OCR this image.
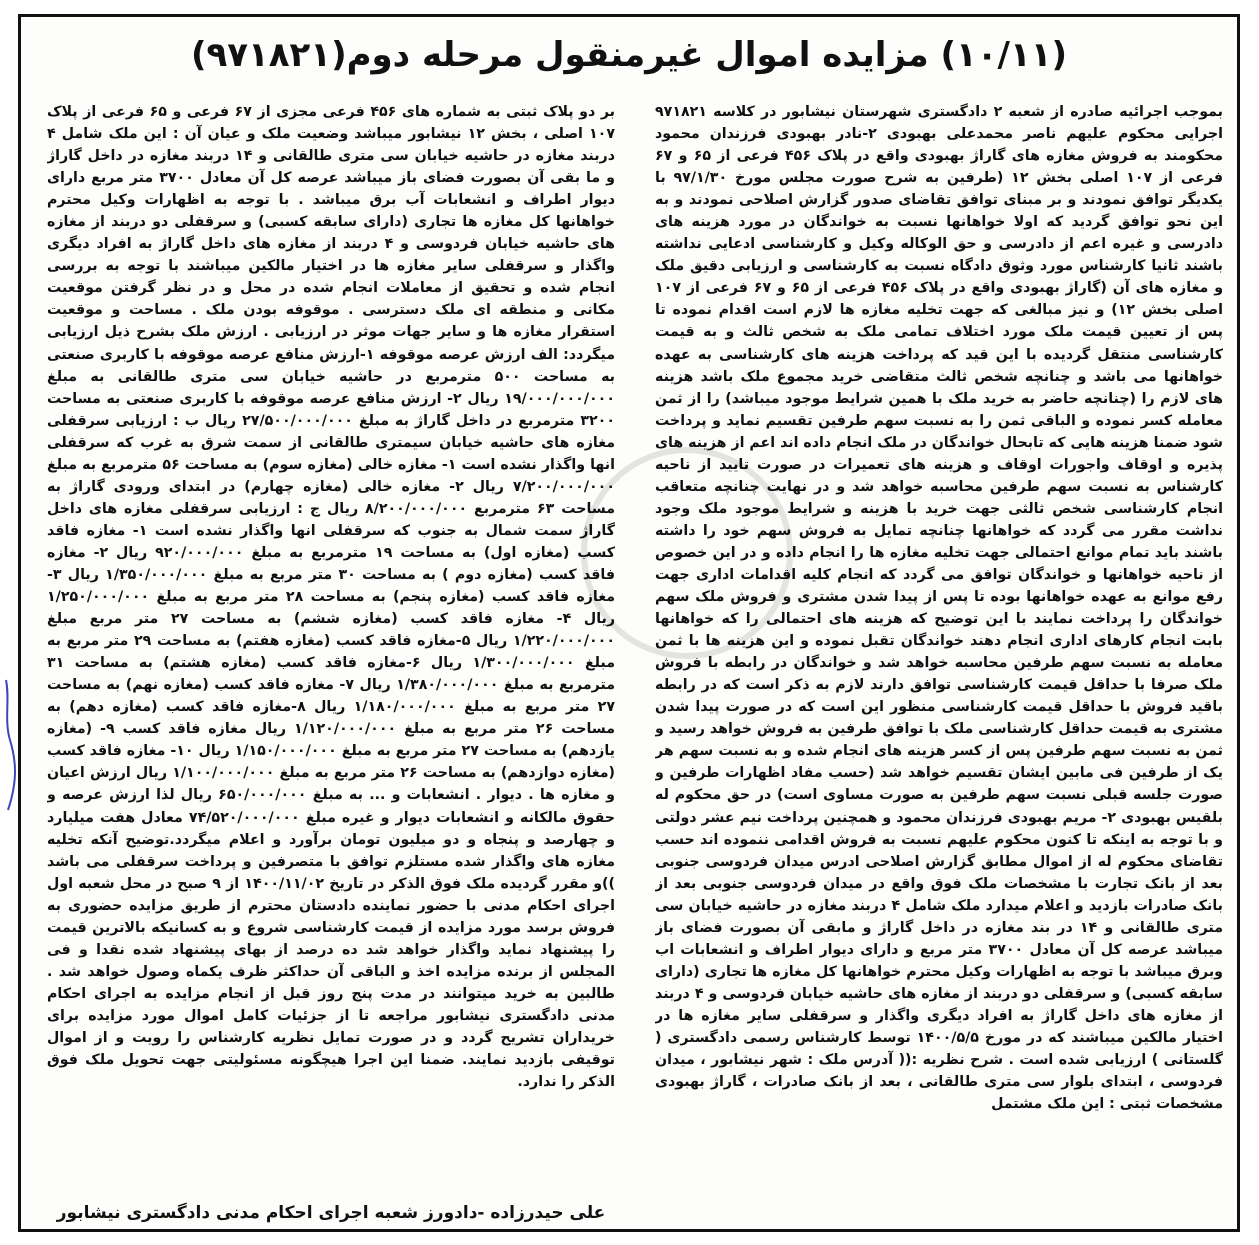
(۱۰/۱۱) مزایده اموال غیرمنقول مرحله دوم(۹۷۱۸۲۱)

بموجب اجرائیه صادره از شعبه ۲ دادگستری شهرستان نیشابور در کلاسه ۹۷۱۸۲۱ اجرایی محکوم علیهم ناصر محمدعلی بهبودی ۲-نادر بهبودی فرزندان محمود محکومند به فروش مغازه های گاراژ بهبودی واقع در پلاک ۴۵۶ فرعی از ۶۵ و ۶۷ فرعی از ۱۰۷ اصلی بخش ۱۲ (طرفین به شرح صورت مجلس مورخ ۹۷/۱/۳۰ با یکدیگر توافق نمودند و بر مبنای توافق تقاضای صدور گزارش اصلاحی نمودند و به این نحو توافق گردید که اولا خواهانها نسبت به خواندگان در مورد هزینه های دادرسی و غیره اعم از دادرسی و حق الوکاله وکیل و کارشناسی ادعایی نداشته باشند ثانیا کارشناس مورد وثوق دادگاه نسبت به کارشناسی و ارزیابی دقیق ملک و مغازه های آن (گاراژ بهبودی واقع در پلاک ۴۵۶ فرعی از ۶۵ و ۶۷ فرعی از ۱۰۷ اصلی بخش ۱۲) و نیز مبالغی که جهت تخلیه مغازه ها لازم است اقدام نموده تا پس از تعیین قیمت ملک مورد اختلاف تمامی ملک به شخص ثالث و به قیمت کارشناسی منتقل گردیده با این قید که پرداخت هزینه های کارشناسی به عهده خواهانها می باشد و چنانچه شخص ثالث متقاضی خرید مجموع ملک باشد هزینه های لازم را (چنانچه حاضر به خرید ملک با همین شرایط موجود میباشد) را از ثمن معامله کسر نموده و الباقی ثمن را به نسبت سهم طرفین تقسیم نماید و پرداخت شود ضمنا هزینه هایی که تابحال خواندگان در ملک انجام داده اند اعم از هزینه های پذیره و اوقاف واجورات اوقاف و هزینه های تعمیرات در صورت تایید از ناحیه کارشناس به نسبت سهم طرفین محاسبه خواهد شد و در نهایت چنانچه متعاقب انجام کارشناسی شخص ثالثی جهت خرید با هزینه و شرایط موجود ملک وجود نداشت مقرر می گردد که خواهانها چنانچه تمایل به فروش سهم خود را داشته باشند باید تمام موانع احتمالی جهت تخلیه مغازه ها را انجام داده و در این خصوص از ناحیه خواهانها و خواندگان توافق می گردد که انجام کلیه اقدامات اداری جهت رفع موانع به عهده خواهانها بوده تا پس از پیدا شدن مشتری و فروش ملک سهم خواندگان را پرداخت نمایند با این توضیح که هزینه های احتمالی را که خواهانها بابت انجام کارهای اداری انجام دهند خواندگان تقبل نموده و این هزینه ها با ثمن معامله به نسبت سهم طرفین محاسبه خواهد شد و خواندگان در رابطه با فروش ملک صرفا با حداقل قیمت کارشناسی توافق دارند لازم به ذکر است که در رابطه باقید فروش با حداقل قیمت کارشناسی منظور این است که در صورت پیدا شدن مشتری به قیمت حداقل کارشناسی ملک با توافق طرفین به فروش خواهد رسید و ثمن به نسبت سهم طرفین پس از کسر هزینه های انجام شده و به نسبت سهم هر یک از طرفین فی مابین ایشان تقسیم خواهد شد (حسب مفاد اظهارات طرفین و صورت جلسه قبلی نسبت سهم طرفین به صورت مساوی است) در حق محکوم له بلقیس بهبودی ۲- مریم بهبودی فرزندان محمود و همچنین پرداخت نیم عشر دولتی و با توجه به اینکه تا کنون محکوم علیهم نسبت به فروش اقدامی ننموده اند حسب تقاضای محکوم له از اموال مطابق گزارش اصلاحی ادرس میدان فردوسی جنوبی بعد از بانک تجارت با مشخصات ملک فوق واقع در میدان فردوسی جنوبی بعد از بانک صادرات بازدید و اعلام میدارد ملک شامل ۴ دربند مغازه در حاشیه خیابان سی متری طالقانی و ۱۴ در بند مغازه در داخل گاراژ و مابقی آن بصورت فضای باز میباشد عرصه کل آن معادل ۳۷۰۰ متر مربع و دارای دیوار اطراف و انشعابات اب وبرق میباشد با توجه به اظهارات وکیل محترم خواهانها کل مغازه ها تجاری (دارای سابقه کسبی) و سرقفلی دو دربند از مغازه های حاشیه خیابان فردوسی و ۴ دربند از مغازه های داخل گاراژ به افراد دیگری واگذار و سرقفلی سایر مغازه ها در اختیار مالکین میباشند که در مورخ ۱۴۰۰/۵/۵ توسط کارشناس رسمی دادگستری ( گلستانی ) ارزیابی شده است . شرح نظریه :(( آدرس ملک : شهر نیشابور ، میدان فردوسی ، ابتدای بلوار سی متری طالقانی ، بعد از بانک صادرات ، گاراژ بهبودی مشخصات ثبتی : این ملک مشتمل

بر دو پلاک ثبتی به شماره های ۴۵۶ فرعی مجزی از ۶۷ فرعی و ۶۵ فرعی از پلاک ۱۰۷ اصلی ، بخش ۱۲ نیشابور میباشد وضعیت ملک و عیان آن : این ملک شامل ۴ دربند مغازه در حاشیه خیابان سی متری طالقانی و ۱۴ دربند مغازه در داخل گاراژ و ما بقی آن بصورت فضای باز میباشد عرصه کل آن معادل ۳۷۰۰ متر مربع دارای دیوار اطراف و انشعابات آب برق میباشد . با توجه به اظهارات وکیل محترم خواهانها کل مغازه ها تجاری (دارای سابقه کسبی) و سرقفلی دو دربند از مغازه های حاشیه خیابان فردوسی و ۴ دربند از مغازه های داخل گاراژ به افراد دیگری واگذار و سرقفلی سایر مغازه ها در اختیار مالکین میباشند با توجه به بررسی انجام شده و تحقیق از معاملات انجام شده در محل و در نظر گرفتن موقعیت مکانی و منطقه ای ملک دسترسی . موقوفه بودن ملک . مساحت و موقعیت استقرار مغازه ها و سایر جهات موثر در ارزیابی . ارزش ملک بشرح ذیل ارزیابی میگردد: الف ارزش عرصه موقوفه ۱-ارزش منافع عرصه موقوفه با کاربری صنعتی به مساحت ۵۰۰ مترمربع در حاشیه خیابان سی متری طالقانی به مبلغ ۱۹/۰۰۰/۰۰۰/۰۰۰ ریال ۲- ارزش منافع عرصه موقوفه با کاربری صنعتی به مساحت ۳۲۰۰ مترمربع در داخل گاراژ به مبلغ ۲۷/۵۰۰/۰۰۰/۰۰۰ ریال ب : ارزیابی سرقفلی مغازه های حاشیه خیابان سیمتری طالقانی از سمت شرق به غرب که سرقفلی انها واگذار نشده است ۱- مغازه خالی (مغازه سوم) به مساحت ۵۶ مترمربع به مبلغ ۷/۲۰۰/۰۰۰/۰۰۰ ریال ۲- مغازه خالی (مغازه چهارم) در ابتدای ورودی گاراژ به مساحت ۶۳ مترمربع ۸/۲۰۰/۰۰۰/۰۰۰ ریال ج : ارزیابی سرقفلی مغازه های داخل گاراژ سمت شمال به جنوب که سرقفلی انها واگذار نشده است ۱- مغازه فاقد کسب (مغازه اول) به مساحت ۱۹ مترمربع به مبلغ ۹۲۰/۰۰۰/۰۰۰ ریال ۲- مغازه فاقد کسب (مغازه دوم ) به مساحت ۳۰ متر مربع به مبلغ ۱/۳۵۰/۰۰۰/۰۰۰ ریال ۳- مغازه فاقد کسب (مغازه پنجم) به مساحت ۲۸ متر مربع به مبلغ ۱/۲۵۰/۰۰۰/۰۰۰ ریال ۴- مغازه فاقد کسب (مغازه ششم) به مساحت ۲۷ متر مربع مبلغ ۱/۲۲۰/۰۰۰/۰۰۰ ریال ۵-مغازه فاقد کسب (مغازه هفتم) به مساحت ۲۹ متر مربع به مبلغ ۱/۳۰۰/۰۰۰/۰۰۰ ریال ۶-مغازه فاقد کسب (مغازه هشتم) به مساحت ۳۱ مترمربع به مبلغ ۱/۳۸۰/۰۰۰/۰۰۰ ریال ۷- مغازه فاقد کسب (مغازه نهم) به مساحت ۲۷ متر مربع به مبلغ ۱/۱۸۰/۰۰۰/۰۰۰ ریال ۸-مغازه فاقد کسب (مغازه دهم) به مساحت ۲۶ متر مربع به مبلغ ۱/۱۲۰/۰۰۰/۰۰۰ ریال مغازه فاقد کسب ۹- (مغازه یازدهم) به مساحت ۲۷ متر مربع به مبلغ ۱/۱۵۰/۰۰۰/۰۰۰ ریال ۱۰- مغازه فاقد کسب (مغازه دوازدهم) به مساحت ۲۶ متر مربع به مبلغ ۱/۱۰۰/۰۰۰/۰۰۰ ریال ارزش اعیان و مغازه ها . دیوار . انشعابات و ... به مبلغ ۶۵۰/۰۰۰/۰۰۰ ریال لذا ارزش عرصه و حقوق مالکانه و انشعابات دیوار و غیره مبلغ ۷۴/۵۲۰/۰۰۰/۰۰۰ معادل هفت میلیارد و چهارصد و پنجاه و دو میلیون تومان برآورد و اعلام میگردد.توضیح آنکه تخلیه مغازه های واگذار شده مستلزم توافق با متصرفین و پرداخت سرقفلی می باشد ))و مقرر گردیده ملک فوق الذکر در تاریخ ۱۴۰۰/۱۱/۰۲ از ۹ صبح در محل شعبه اول اجرای احکام مدنی با حضور نماینده دادستان محترم از طریق مزایده حضوری به فروش برسد مورد مزایده از قیمت کارشناسی شروع و به کسانیکه بالاترین قیمت را پیشنهاد نماید واگذار خواهد شد ده درصد از بهای پیشنهاد شده نقدا و فی المجلس از برنده مزایده اخذ و الباقی آن حداکثر ظرف یکماه وصول خواهد شد . طالبین به خرید میتوانند در مدت پنج روز قبل از انجام مزایده به اجرای احکام مدنی دادگستری نیشابور مراجعه تا از جزئیات کامل اموال مورد مزایده برای خریداران تشریح گردد و در صورت تمایل نظریه کارشناس را رویت و از اموال توقیفی بازدید نمایند. ضمنا این اجرا هیچگونه مسئولیتی جهت تحویل ملک فوق الذکر را ندارد.

علی حیدرزاده -دادورز شعبه اجرای احکام مدنی دادگستری نیشابور
